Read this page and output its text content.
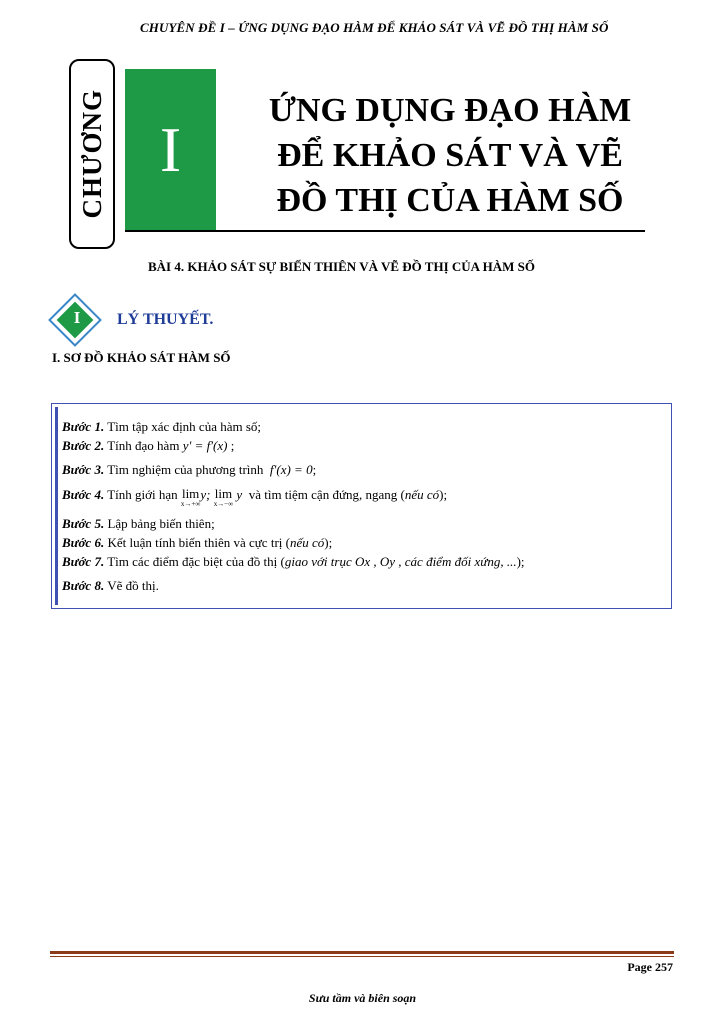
CHUYÊN ĐỀ I – ỨNG DỤNG ĐẠO HÀM ĐỂ KHẢO SÁT VÀ VẼ ĐỒ THỊ HÀM SỐ
CHƯƠNG I
ỨNG DỤNG ĐẠO HÀM
ĐỂ KHẢO SÁT VÀ VẼ
ĐỒ THỊ CỦA HÀM SỐ
BÀI 4. KHẢO SÁT SỰ BIẾN THIÊN VÀ VẼ ĐỒ THỊ CỦA HÀM SỐ
I	LÝ THUYẾT.
I. SƠ ĐỒ KHẢO SÁT HÀM SỐ
Bước 1. Tìm tập xác định của hàm số;
Bước 2. Tính đạo hàm y′ = f′(x) ;
Bước 3. Tìm nghiệm của phương trình f′(x) = 0;
Bước 4. Tính giới hạn lim
x→+∞
y; lim
x→−∞
y và tìm tiệm cận đứng, ngang (nếu có);
Bước 5. Lập bảng biến thiên;
Bước 6. Kết luận tính biến thiên và cực trị (nếu có);
Bước 7. Tìm các điểm đặc biệt của đồ thị (giao với trục Ox , Oy , các điểm đối xứng, ...);
Bước 8. Vẽ đồ thị.
Page 257
Sưu tầm và biên soạn
